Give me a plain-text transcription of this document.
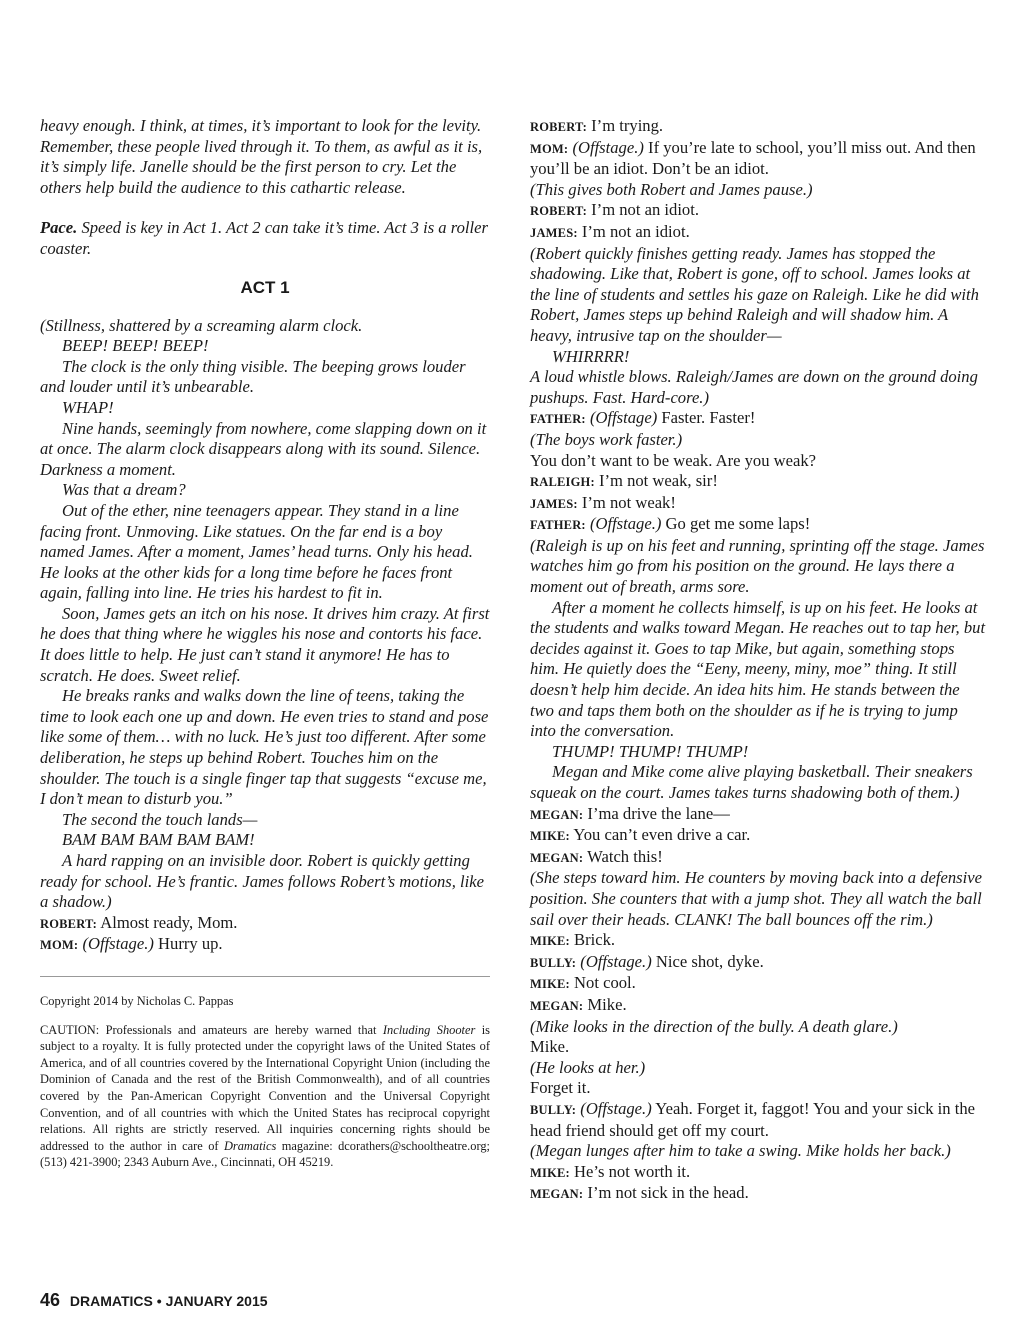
heavy enough. I think, at times, it’s important to look for the levity. Remember, these people lived through it. To them, as awful as it is, it’s simply life. Janelle should be the first person to cry. Let the others help build the audience to this cathartic release.

Pace. Speed is key in Act 1. Act 2 can take it’s time. Act 3 is a roller coaster.

ACT 1

(Stillness, shattered by a screaming alarm clock.

BEEP! BEEP! BEEP!

The clock is the only thing visible. The beeping grows louder and louder until it’s unbearable.

WHAP!

Nine hands, seemingly from nowhere, come slapping down on it at once. The alarm clock disappears along with its sound. Silence. Darkness a moment.

Was that a dream?

Out of the ether, nine teenagers appear. They stand in a line facing front. Unmoving. Like statues. On the far end is a boy named James. After a moment, James’ head turns. Only his head. He looks at the other kids for a long time before he faces front again, falling into line. He tries his hardest to fit in.

Soon, James gets an itch on his nose. It drives him crazy. At first he does that thing where he wiggles his nose and contorts his face. It does little to help. He just can’t stand it anymore! He has to scratch. He does. Sweet relief.

He breaks ranks and walks down the line of teens, taking the time to look each one up and down. He even tries to stand and pose like some of them… with no luck. He’s just too different. After some deliberation, he steps up behind Robert. Touches him on the shoulder. The touch is a single finger tap that suggests “excuse me, I don’t mean to disturb you.”

The second the touch lands—

BAM BAM BAM BAM BAM!

A hard rapping on an invisible door. Robert is quickly getting ready for school. He’s frantic. James follows Robert’s motions, like a shadow.)

ROBERT: Almost ready, Mom.

MOM: (Offstage.) Hurry up.

Copyright 2014 by Nicholas C. Pappas

CAUTION: Professionals and amateurs are hereby warned that Including Shooter is subject to a royalty. It is fully protected under the copyright laws of the United States of America, and of all countries covered by the International Copyright Union (including the Dominion of Canada and the rest of the British Commonwealth), and of all countries covered by the Pan-American Copyright Convention and the Universal Copyright Convention, and of all countries with which the United States has reciprocal copyright relations. All rights are strictly reserved. All inquiries concerning rights should be addressed to the author in care of Dramatics magazine: dcorathers@schooltheatre.org; (513) 421-3900; 2343 Auburn Ave., Cincinnati, OH 45219.

ROBERT: I’m trying.

MOM: (Offstage.) If you’re late to school, you’ll miss out. And then you’ll be an idiot. Don’t be an idiot.

(This gives both Robert and James pause.)

ROBERT: I’m not an idiot.

JAMES: I’m not an idiot.

(Robert quickly finishes getting ready. James has stopped the shadowing. Like that, Robert is gone, off to school. James looks at the line of students and settles his gaze on Raleigh. Like he did with Robert, James steps up behind Raleigh and will shadow him. A heavy, intrusive tap on the shoulder—

WHIRRRR!

A loud whistle blows. Raleigh/James are down on the ground doing pushups. Fast. Hard-core.)

FATHER: (Offstage) Faster. Faster!

(The boys work faster.)

You don’t want to be weak. Are you weak?

RALEIGH: I’m not weak, sir!

JAMES: I’m not weak!

FATHER: (Offstage.) Go get me some laps!

(Raleigh is up on his feet and running, sprinting off the stage. James watches him go from his position on the ground. He lays there a moment out of breath, arms sore.

After a moment he collects himself, is up on his feet. He looks at the students and walks toward Megan. He reaches out to tap her, but decides against it. Goes to tap Mike, but again, something stops him. He quietly does the “Eeny, meeny, miny, moe” thing. It still doesn’t help him decide. An idea hits him. He stands between the two and taps them both on the shoulder as if he is trying to jump into the conversation.

THUMP! THUMP! THUMP!

Megan and Mike come alive playing basketball. Their sneakers squeak on the court. James takes turns shadowing both of them.)

MEGAN: I’ma drive the lane—

MIKE: You can’t even drive a car.

MEGAN: Watch this!

(She steps toward him. He counters by moving back into a defensive position. She counters that with a jump shot. They all watch the ball sail over their heads. CLANK! The ball bounces off the rim.)

MIKE: Brick.

BULLY: (Offstage.) Nice shot, dyke.

MIKE: Not cool.

MEGAN: Mike.

(Mike looks in the direction of the bully. A death glare.)

Mike.

(He looks at her.)

Forget it.

BULLY: (Offstage.) Yeah. Forget it, faggot! You and your sick in the head friend should get off my court.

(Megan lunges after him to take a swing. Mike holds her back.)

MIKE: He’s not worth it.

MEGAN: I’m not sick in the head.

46 DRAMATICS • JANUARY 2015
